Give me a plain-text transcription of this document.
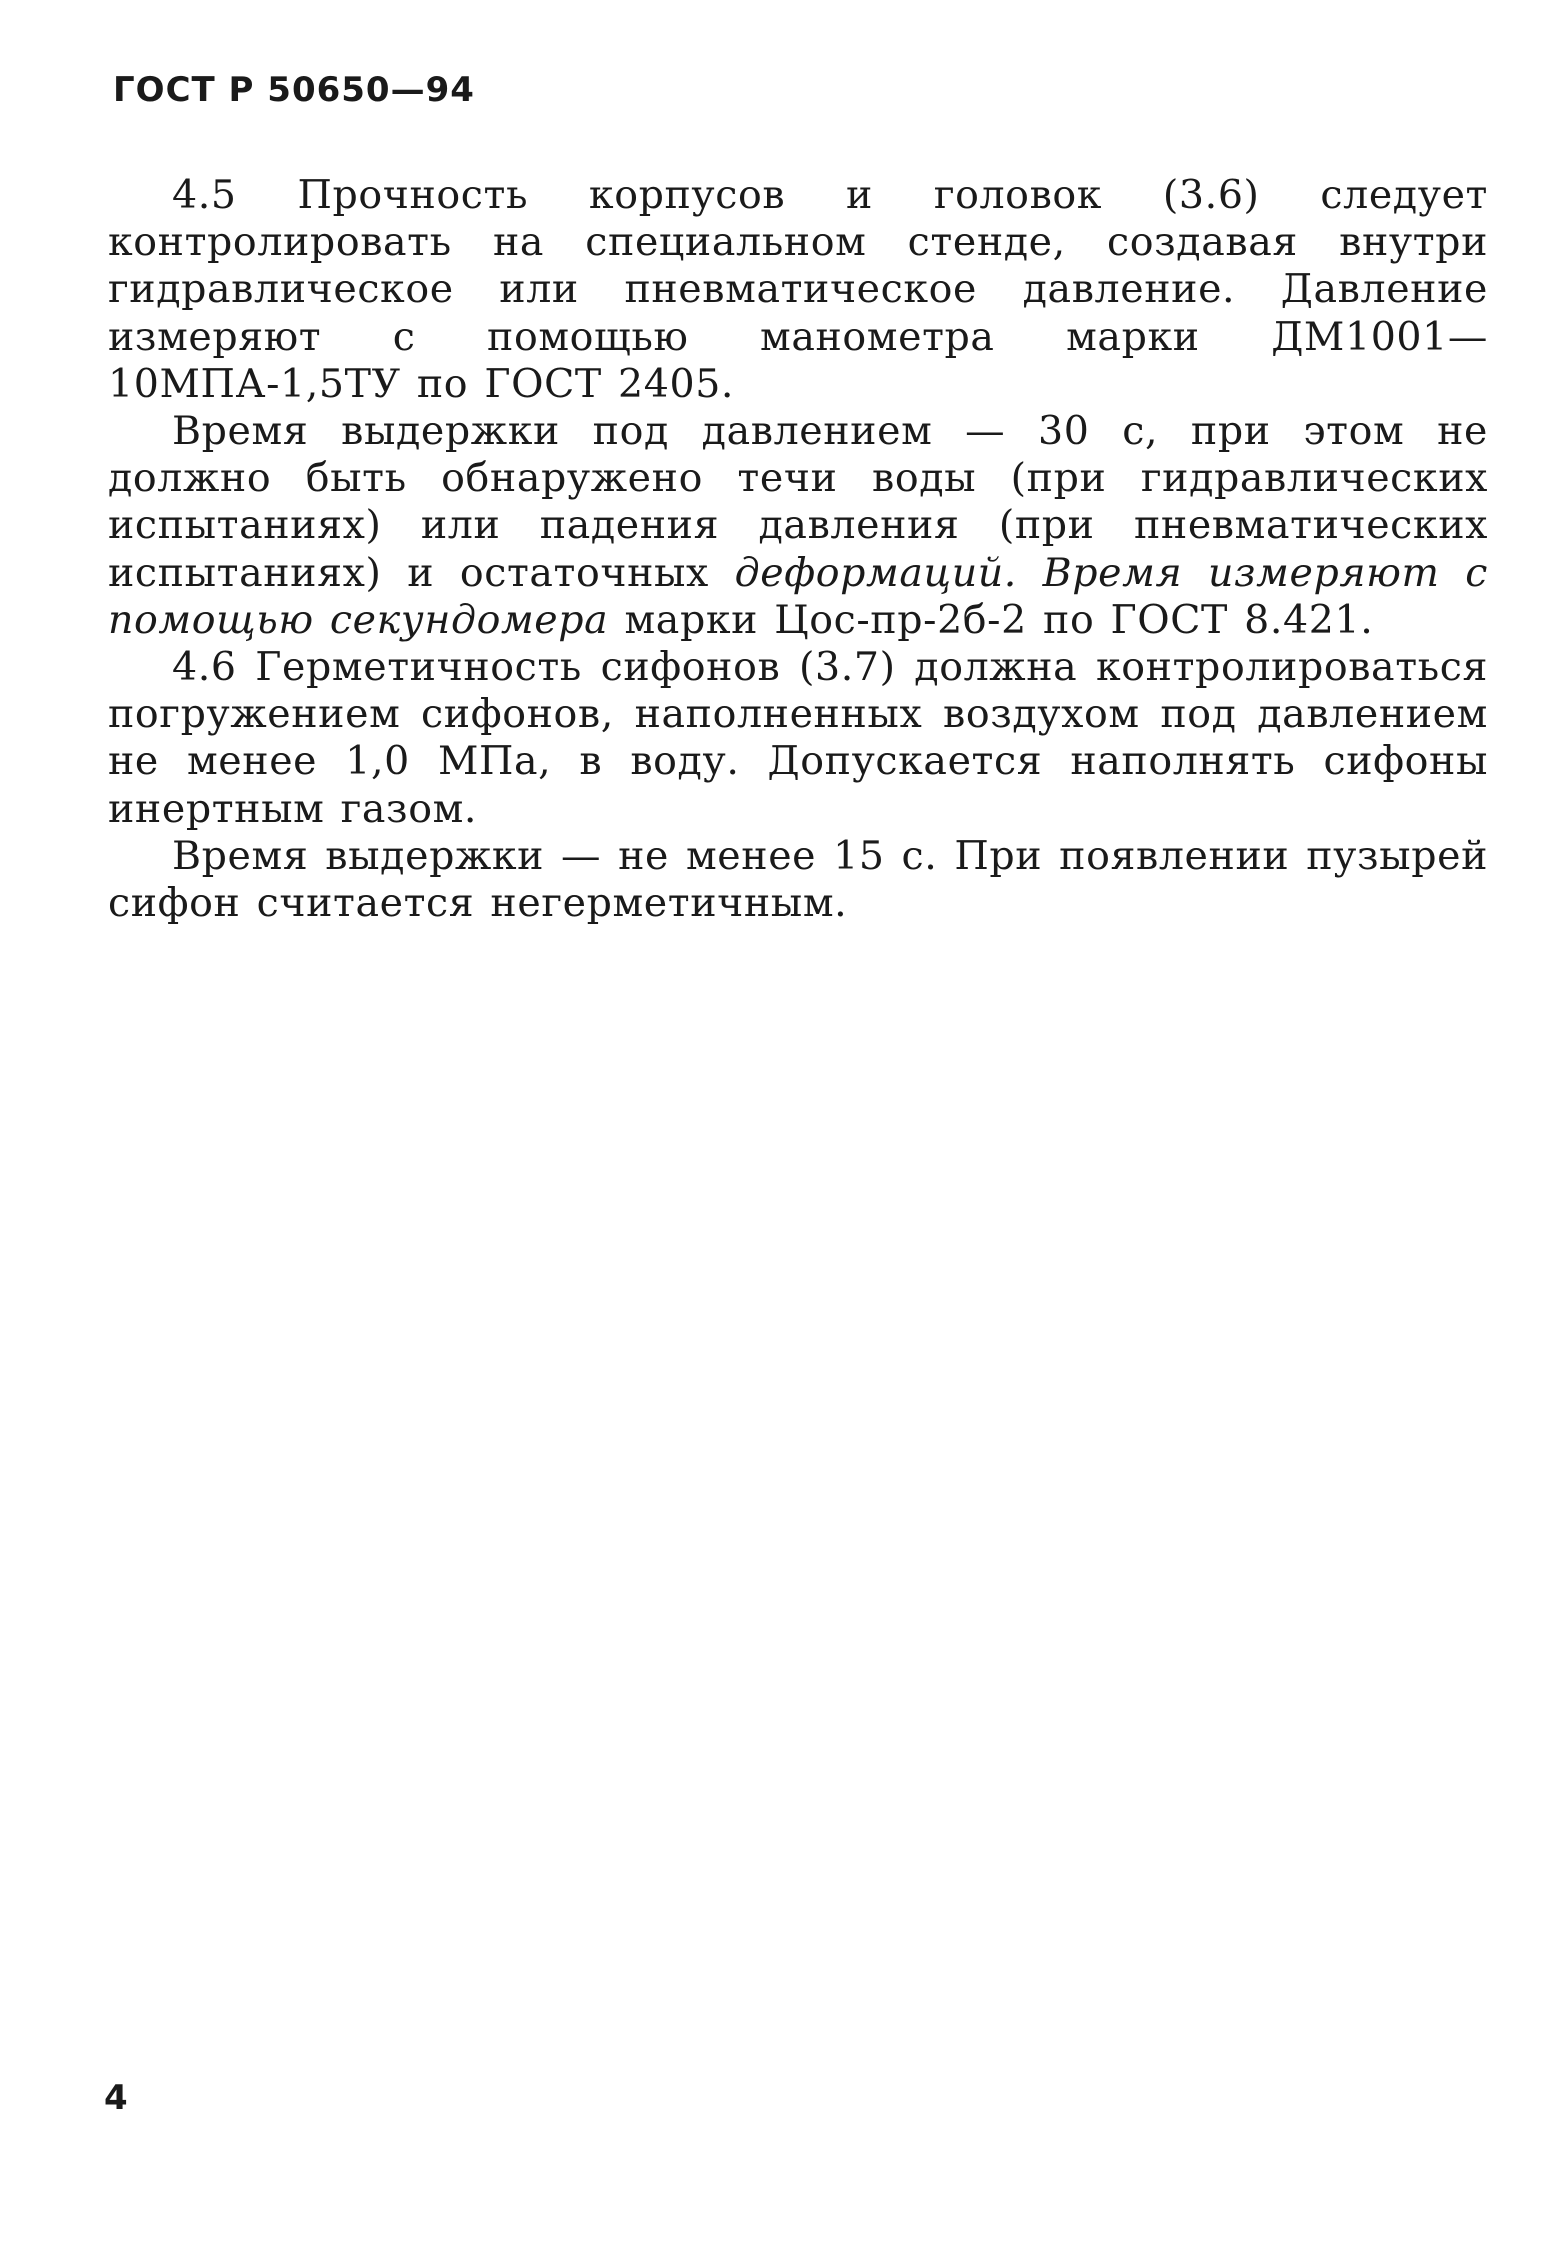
ГОСТ Р 50650—94

4.5 Прочность корпусов и головок (3.6) следует контролировать на специальном стенде, создавая внутри гидравлическое или пневматическое давление. Давление измеряют с помощью манометра марки ДМ1001—10МПА-1,5ТУ по ГОСТ 2405.

Время выдержки под давлением — 30 с, при этом не должно быть обнаружено течи воды (при гидравлических испытаниях) или падения давления (при пневматических испытаниях) и остаточных деформаций. Время измеряют с помощью секундомера марки Цос-пр-2б-2 по ГОСТ 8.421.

4.6 Герметичность сифонов (3.7) должна контролироваться погружением сифонов, наполненных воздухом под давлением не менее 1,0 МПа, в воду. Допускается наполнять сифоны инертным газом.

Время выдержки — не менее 15 с. При появлении пузырей сифон считается негерметичным.

4
